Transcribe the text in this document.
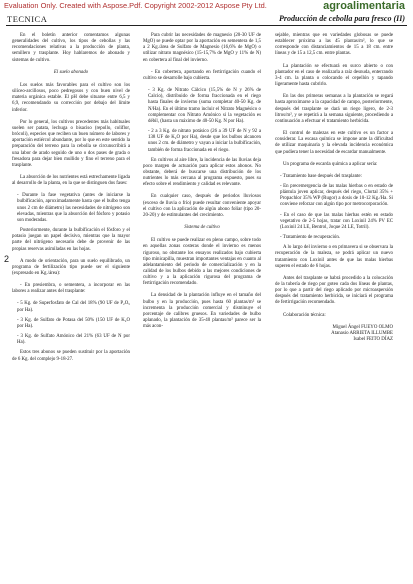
Evaluation Only. Created with Aspose.Pdf. Copyright 2002-2012 Aspose Pty Ltd.	agroalimentaria
TECNICA	Producción de cebolla para fresco (II)
2

En el boletín anterior comentamos algunas generalidades del cultivo, los tipos de cebollas y las recomendaciones relativas a la producción de planta, semillero y trasplante. Hoy hablaremos de abonado y sistemas de cultivo.

El suelo abonado

Los suelos más favorables para el cultivo son los silíceo-arcillosos, poco pedregosos y con buen nivel de materia orgánica estable. El pH debe situarse entre 6,5 y 6,9, recomendando su corrección por debajo del límite inferior.

Por lo general, los cultivos precedentes más habituales suelen ser patata, lechuga o bisaciso (repollo, coliflor, brócoli), especies que reciben un buen número de labores y aportación estiércol abundante, por lo que en este sentido la preparación del terreno para la cebolla se circunscribirá a una labor de arado seguido de uno o dos pases de grada o fresadora para dejar bien mullido y fino el terreno para el trasplante.

La absorción de los nutrientes está estrechamente ligada al desarrollo de la planta, en la que se distinguen dos fases:

- Durante la fase vegetativa (antes de iniciarse la bulbificación, aproximadamente hasta que el bulbo tenga unos 2 cm de diámetro) las necesidades de nitrógeno son elevadas, mientras que la absorción del fósforo y potasio son moderadas.

Posteriormente, durante la bulbificación el fósforo y el potasio juegan un papel decisivo, mientras que la mayor parte del nitrógeno necesario debe de provenir de las propias reservas asimiladas en las hojas.

A modo de orientación, para un suelo equilibrado, un programa de fertilización tipo puede ser el siguiente (expresado en Kg./área):

- En presiembra, o sementera, a incorporar en las labores a realizar antes del trasplante:

- 5 Kg. de Superfosfato de Cal del 18% (90 UF de P₂O₅ por Ha).

- 3 Kg. de Sulfato de Potasa del 50% (150 UF de K₂O por Ha).

- 3 Kg. de Sulfato Amónico del 21% (63 UF de N por Ha).

Estos tres abonos se pueden sustituir por la aportación de 6 Kg. del complejo 9-18-27.

Para cubrir las necesidades de magnesio (20-30 UF de MgO) se puede optar por la aportación en sementera de 1,5 a 2 Kg./área de Sulfato de Magnesio (16,6% de MgO) o utilizar nitrato magnésico (15-15,7% de MgO y 11% de N) en cobertera al final del invierno.

- En cobertera, aportando en fertirrigación cuando el cultivo se desarrolle bajo cubierta.

- 3 Kg. de Nitrato Cálcico (15,5% de N y 26% de Calcio), distribuido de forma fraccionada en el riego hasta finales de invierno (suma completar 40-50 Kg. de N/Ha). En el último tramo incluir el Nitrato Magnésico o complementar con Nitrato Amónico si la vegetación es débil, (hasta un máximo de 40-50 Kg. N por Ha).

- 2 a 3 Kg. de nitrato potásico (26 a 39 UF de N y 92 a 138 UF de K₂O por Ha), desde que los bulbos alcancen unos 2 cm. de diámetro y vayan a iniciar la bulbificación, también de forma fraccionada en el riego.

En cultivos al aire libre, la incidencia de las lluvias deja poco margen de actuación para aplicar estos abonos. No obstante, deberá de buscarse una distribución de los nutrientes lo más cercana al programa expuesto, pues su efecto sobre el rendimiento y calidad es relevante.

En cualquier caso, después de periodos lluviosos (exceso de lluvia o frío) puede resultar conveniente apoyar el cultivo con la aplicación de algún abono foliar (tipo 20-20-20) y de estimulantes del crecimiento.

Sistema de cultivo

El cultivo se puede realizar en pleno campo, sobre todo en aquellas zonas costeras donde el invierno es menos riguroso, no obstante los ensayos realizados bajo cubierta tipo minicapilla, muestran importantes ventajas en cuanto al adelantamiento del periodo de comercialización y en la calidad de los bulbos debido a las mejores condiciones de cultivo y a la aplicación rigurosa del programa de fertirrigación recomendado.

La densidad de la plantación influye en el tamaño del bulbo y en la producción, pues hasta 60 plantas/m² se incrementa la producción comercial y disminuye el porcentaje de calibres gruesos. En variedades de bulbo aplanado, la plantación de 35-40 plantas/m² parece ser la más acon-

sejable, mientras que en variedades globosas se puede establecer próxima a las 45 plantas/m², lo que se corresponde con distanciamientos de 15 a 18 cm. entre líneas y de 15 a 12,5 cm. entre plantas.

La plantación se efectuará en surco abierto o con plantador en el caso de realizarla a raíz desnuda, enterrando 3-4 cm. la planta o colocando el cepellón y tapando ligeramente hasta cubrirlo.

En las dos primeras semanas a la plantación se regará hasta aproximarse a la capacidad de campo, posteriormente, después del trasplante se dará un riego ligero, de 2-3 litros/m², y se repetirá a la semana siguiente, procediendo a continuación a efectuar el tratamiento herbicida.

El control de malezas en este cultivo es un factor a considerar. La escasa química se impone ante la dificultad de utilizar maquinaria y la elevada incidencia económica que pudiera tener la necesidad de escardar manualmente.

Un programa de escarda química a aplicar sería:

- Tratamiento base después del trasplante:

- En precemergencia de las malas hierbas o en estado de plántula joven aplicar, después del riego, Clortal 35% + Propachlor 35% WP (Rugor) a dosis de 10-12 Kg./Ha. Si conviene reforzar con algún tipo por metrocorporación.

- En el caso de que las malas hierbas estén en estado vegetativo de 2-5 hojas, tratar con Loxinil 24% PV EC (Loxinil 24 LE, Bentrol, Joque 24 LE, Totril).

- Tratamiento de recuperación.

A lo largo del invierno o en primavera si se observara la recuperación de la maleza, se podrá aplicar un nuevo tratamiento con Loxinil antes de que las malas hierbas superen el estado de 6 hojas.

Antes del trasplante se habrá procedido a la colocación de la tubería de riego por goteo cada dos líneas de plantas, por lo que a partir del riego aplicado por microaspersión después del tratamiento herbicida, se iniciará el programa de fertirrigación recomendado.

Colaboración técnica:

Miguel Ángel FUEYO OLMO

Atanasio ARRIETA ILLUMBE

Isabel FEITO DÍAZ
